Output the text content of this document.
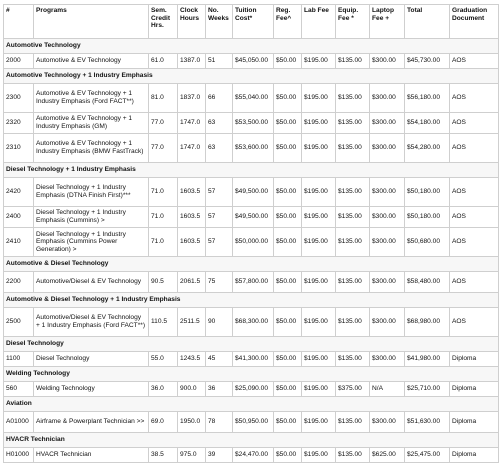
#	Programs	Sem. Credit Hrs.	Clock Hours	No. Weeks	Tuition Cost*	Reg. Fee^	Lab Fee	Equip. Fee *	Laptop Fee +	Total	Graduation Document
Automotive Technology											
2000	Automotive & EV Technology	61.0	1387.0	51	$45,050.00	$50.00	$195.00	$135.00	$300.00	$45,730.00	AOS
Automotive Technology + 1 Industry Emphasis											
2300	Automotive & EV Technology + 1 Industry Emphasis (Ford FACT**)	81.0	1837.0	66	$55,040.00	$50.00	$195.00	$135.00	$300.00	$56,180.00	AOS
2320	Automotive & EV Technology + 1 Industry Emphasis (GM)	77.0	1747.0	63	$53,500.00	$50.00	$195.00	$135.00	$300.00	$54,180.00	AOS
2310	Automotive & EV Technology + 1 Industry Emphasis (BMW FastTrack)	77.0	1747.0	63	$53,600.00	$50.00	$195.00	$135.00	$300.00	$54,280.00	AOS
Diesel Technology + 1 Industry Emphasis											
2420	Diesel Technology + 1 Industry Emphasis (DTNA Finish First)***	71.0	1603.5	57	$49,500.00	$50.00	$195.00	$135.00	$300.00	$50,180.00	AOS
2400	Diesel Technology + 1 Industry Emphasis (Cummins) >	71.0	1603.5	57	$49,500.00	$50.00	$195.00	$135.00	$300.00	$50,180.00	AOS
2410	Diesel Technology + 1 Industry Emphasis (Cummins Power Generation) >	71.0	1603.5	57	$50,000.00	$50.00	$195.00	$135.00	$300.00	$50,680.00	AOS
Automotive & Diesel Technology											
2200	Automotive/Diesel & EV Technology	90.5	2061.5	75	$57,800.00	$50.00	$195.00	$135.00	$300.00	$58,480.00	AOS
Automotive & Diesel Technology + 1 Industry Emphasis											
2500	Automotive/Diesel & EV Technology + 1 Industry Emphasis (Ford FACT**)	110.5	2511.5	90	$68,300.00	$50.00	$195.00	$135.00	$300.00	$68,980.00	AOS
Diesel Technology											
1100	Diesel Technology	55.0	1243.5	45	$41,300.00	$50.00	$195.00	$135.00	$300.00	$41,980.00	Diploma
Welding Technology											
560	Welding Technology	36.0	900.0	36	$25,090.00	$50.00	$195.00	$375.00	N/A	$25,710.00	Diploma
Aviation											
A01000	Airframe & Powerplant Technician >>	69.0	1950.0	78	$50,950.00	$50.00	$195.00	$135.00	$300.00	$51,630.00	Diploma
HVACR Technician											
H01000	HVACR Technician	38.5	975.0	39	$24,470.00	$50.00	$195.00	$135.00	$625.00	$25,475.00	Diploma
